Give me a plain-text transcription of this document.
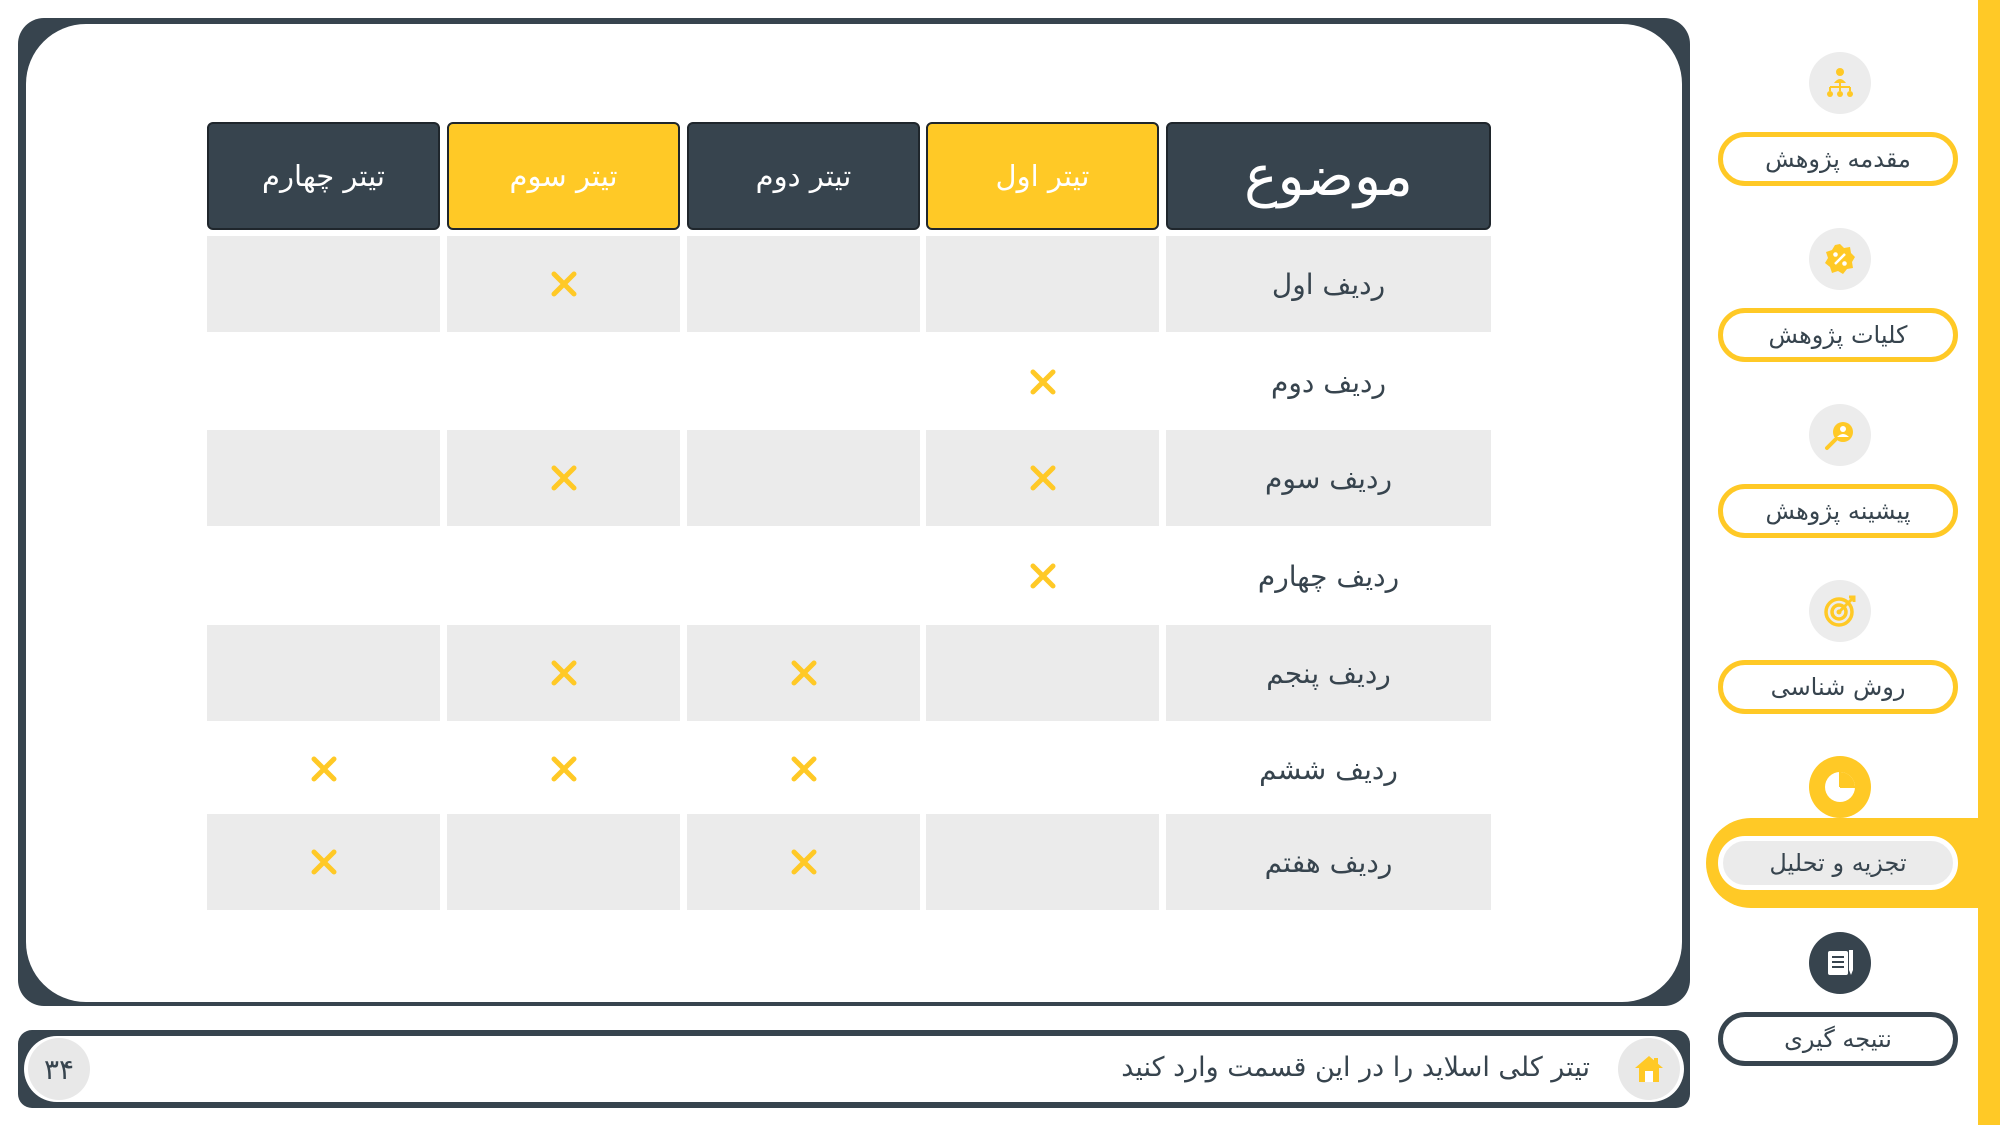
موضوع
تیتر اول
تیتر دوم
تیتر سوم
تیتر چهارم
ردیف اول
ردیف دوم
ردیف سوم
ردیف چهارم
ردیف پنجم
ردیف ششم
ردیف هفتم
۳۴	تیتر کلی اسلاید را در این قسمت وارد کنید
مقدمه پژوهش
کلیات پژوهش
پیشینه پژوهش
روش شناسی
تجزیه و تحلیل
نتیجه گیری
